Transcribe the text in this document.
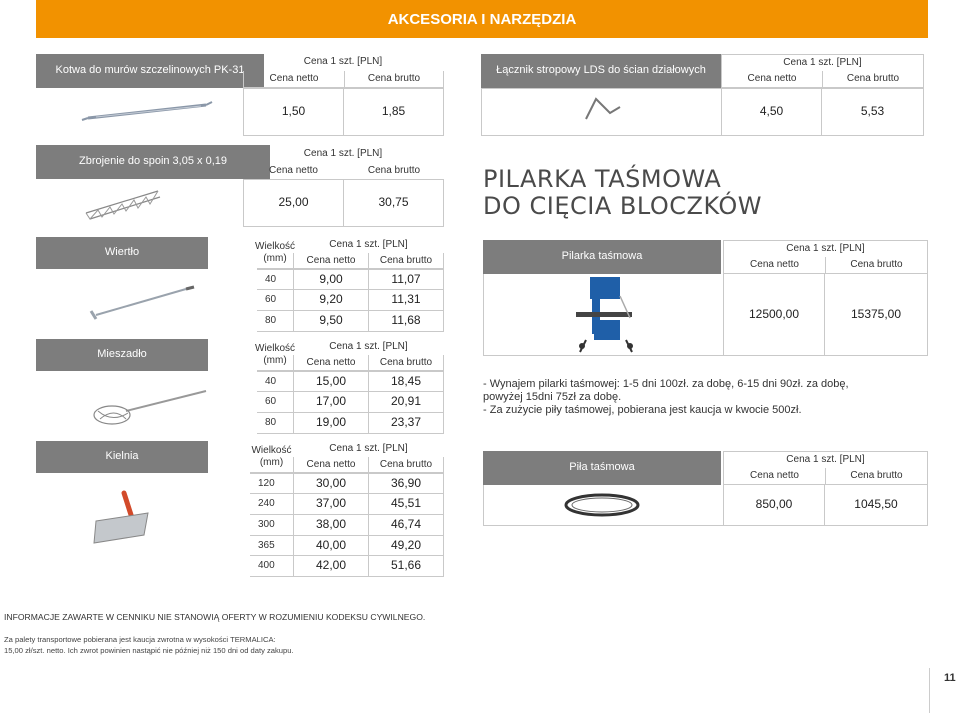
AKCESORIA I NARZĘDZIA
Kotwa do murów szczelinowych PK-31
Cena 1 szt.
[PLN]
Cena netto	Cena brutto
1,50	1,85
Łącznik stropowy LDS do ścian działowych
Cena 1 szt.
[PLN]
Cena netto	Cena brutto
4,50	5,53
Zbrojenie do spoin 3,05 x 0,19
Cena 1 szt.
[PLN]
Cena netto	Cena brutto
25,00	30,75
PILARKA TAŚMOWA
DO CIĘCIA BLOCZKÓW
Wiertło	Wielkość
(mm)
Cena 1 szt.
[PLN]
Cena netto	Cena brutto
40	9,00	11,07
60	9,20	11,31
80	9,50	11,68
Pilarka taśmowa
Cena 1 szt.
[PLN]
Cena netto	Cena brutto
12500,00	15375,00
Mieszadło	Wielkość
(mm)
Cena 1 szt.
[PLN]
Cena netto	Cena brutto
40	15,00	18,45
60	17,00	20,91
80	19,00	23,37
- Wynajem pilarki taśmowej: 1-5 dni 100zł. za dobę, 6-15 dni 90zł. za dobę,
powyżej 15dni 75zł za dobę.
- Za zużycie piły taśmowej, pobierana jest kaucja w kwocie 500zł.
Kielnia	Wielkość
(mm)
Cena 1 szt.
[PLN]
Cena netto	Cena brutto
120	30,00	36,90
240	37,00	45,51
300	38,00	46,74
365	40,00	49,20
400	42,00	51,66
Piła taśmowa
Cena 1 szt.
[PLN]
Cena netto	Cena brutto
850,00	1045,50
INFORMACJE ZAWARTE W CENNIKU NIE STANOWIĄ OFERTY W ROZUMIENIU KODEKSU CYWILNEGO.
Za palety transportowe pobierana jest kaucja zwrotna w wysokości TERMALICA:
15,00 zł/szt. netto. Ich zwrot powinien nastąpić nie później niż 150 dni od daty zakupu.
11
